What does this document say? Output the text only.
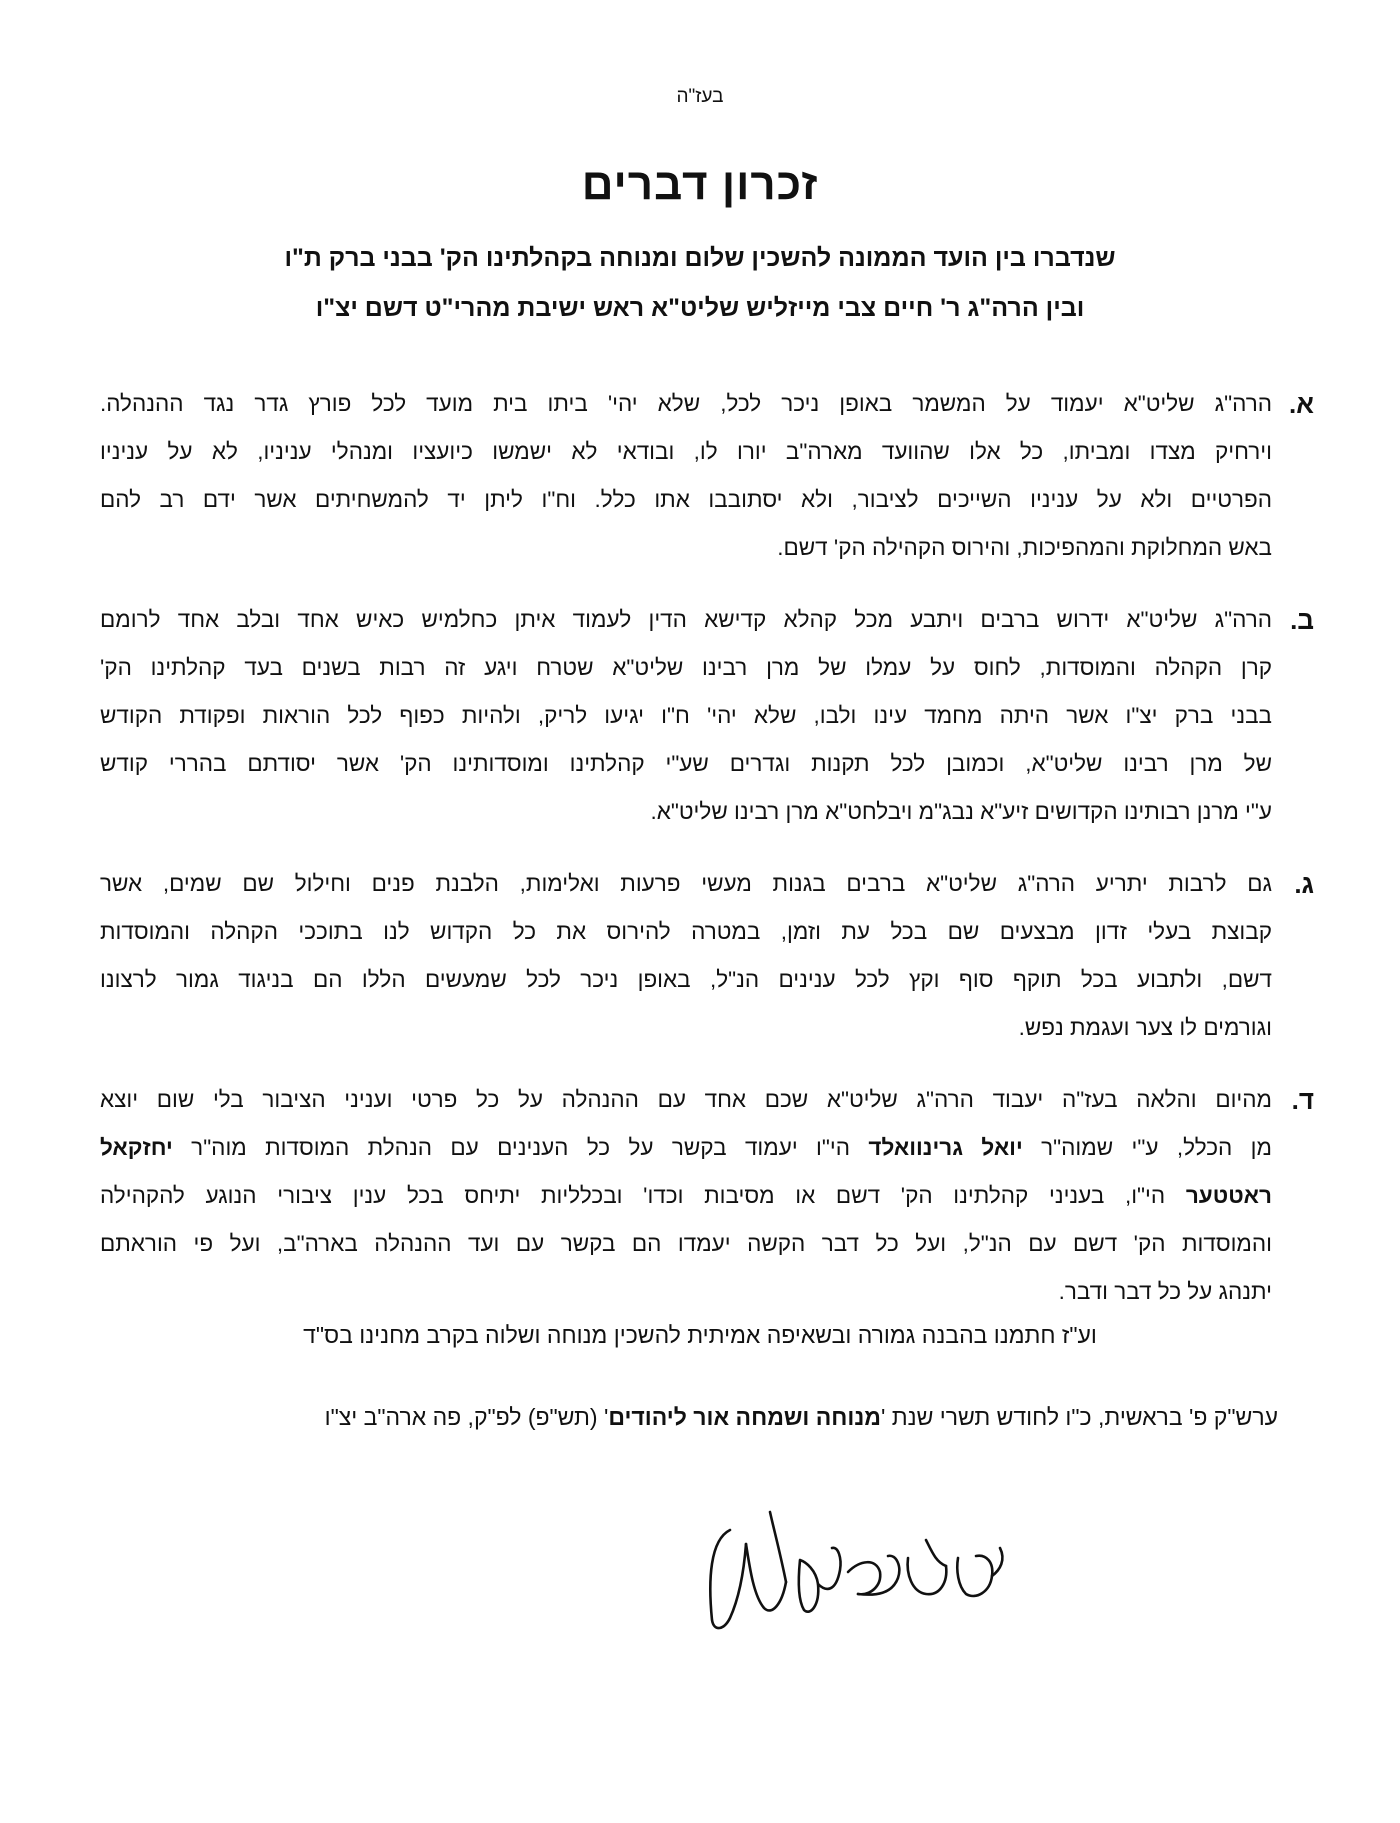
בעז"ה
זכרון דברים
שנדברו בין הועד הממונה להשכין שלום ומנוחה בקהלתינו הק' בבני ברק ת"ו
ובין הרה"ג ר' חיים צבי מייזליש שליט"א ראש ישיבת מהרי"ט דשם יצ"ו
א.
הרה"ג שליט"א יעמוד על המשמר באופן ניכר לכל, שלא יהי' ביתו בית מועד לכל פורץ גדר נגד ההנהלה.
וירחיק מצדו ומביתו, כל אלו שהוועד מארה"ב יורו לו, ובודאי לא ישמשו כיועציו ומנהלי עניניו, לא על עניניו
הפרטיים ולא על עניניו השייכים לציבור, ולא יסתובבו אתו כלל. וח"ו ליתן יד להמשחיתים אשר ידם רב להם
באש המחלוקת והמהפיכות, והירוס הקהילה הק' דשם.
ב.
הרה"ג שליט"א ידרוש ברבים ויתבע מכל קהלא קדישא הדין לעמוד איתן כחלמיש כאיש אחד ובלב אחד לרומם
קרן הקהלה והמוסדות, לחוס על עמלו של מרן רבינו שליט"א שטרח ויגע זה רבות בשנים בעד קהלתינו הק'
בבני ברק יצ"ו אשר היתה מחמד עינו ולבו, שלא יהי' ח"ו יגיעו לריק, ולהיות כפוף לכל הוראות ופקודת הקודש
של מרן רבינו שליט"א, וכמובן לכל תקנות וגדרים שע"י קהלתינו ומוסדותינו הק' אשר יסודתם בהררי קודש
ע"י מרנן רבותינו הקדושים זיע"א נבג"מ ויבלחט"א מרן רבינו שליט"א.
ג.
גם לרבות יתריע הרה"ג שליט"א ברבים בגנות מעשי פרעות ואלימות, הלבנת פנים וחילול שם שמים, אשר
קבוצת בעלי זדון מבצעים שם בכל עת וזמן, במטרה להירוס את כל הקדוש לנו בתוככי הקהלה והמוסדות
דשם, ולתבוע בכל תוקף סוף וקץ לכל ענינים הנ"ל, באופן ניכר לכל שמעשים הללו הם בניגוד גמור לרצונו
וגורמים לו צער ועגמת נפש.
ד.
מהיום והלאה בעז"ה יעבוד הרה"ג שליט"א שכם אחד עם ההנהלה על כל פרטי ועניני הציבור בלי שום יוצא
מן הכלל, ע"י שמוה"ר יואל גרינוואלד הי"ו יעמוד בקשר על כל הענינים עם הנהלת המוסדות מוה"ר יחזקאל
ראטטער הי"ו, בעניני קהלתינו הק' דשם או מסיבות וכדו' ובכלליות יתיחס בכל ענין ציבורי הנוגע להקהילה
והמוסדות הק' דשם עם הנ"ל, ועל כל דבר הקשה יעמדו הם בקשר עם ועד ההנהלה בארה"ב, ועל פי הוראתם
יתנהג על כל דבר ודבר.
וע"ז חתמנו בהבנה גמורה ובשאיפה אמיתית להשכין מנוחה ושלוה בקרב מחנינו בס"ד
ערש"ק פ' בראשית, כ"ו לחודש תשרי שנת 'מנוחה ושמחה אור ליהודים' (תש"פ) לפ"ק, פה ארה"ב יצ"ו
